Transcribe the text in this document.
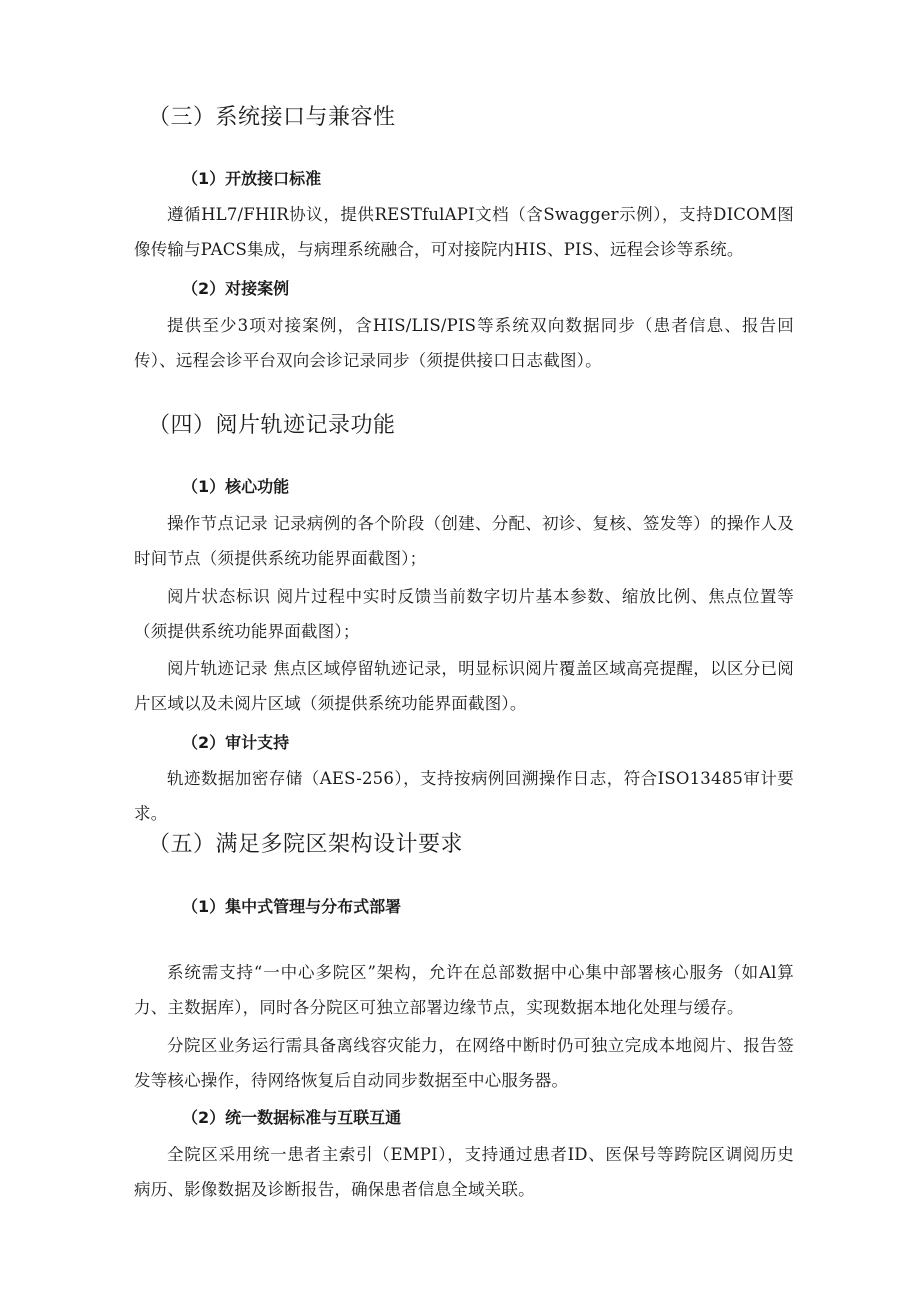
（三）系统接口与兼容性
（1）开放接口标准
遵循HL7/FHIR协议，提供RESTfulAPI文档（含Swagger示例），支持DICOM图像传输与PACS集成，与病理系统融合，可对接院内HIS、PIS、远程会诊等系统。
（2）对接案例
提供至少3项对接案例，含HIS/LIS/PIS等系统双向数据同步（患者信息、报告回传）、远程会诊平台双向会诊记录同步（须提供接口日志截图）。
（四）阅片轨迹记录功能
（1）核心功能
操作节点记录 记录病例的各个阶段（创建、分配、初诊、复核、签发等）的操作人及时间节点（须提供系统功能界面截图）；
阅片状态标识 阅片过程中实时反馈当前数字切片基本参数、缩放比例、焦点位置等（须提供系统功能界面截图）；
阅片轨迹记录 焦点区域停留轨迹记录，明显标识阅片覆盖区域高亮提醒，以区分已阅片区域以及未阅片区域（须提供系统功能界面截图）。
（2）审计支持
轨迹数据加密存储（AES-256），支持按病例回溯操作日志，符合ISO13485审计要求。
（五）满足多院区架构设计要求
（1）集中式管理与分布式部署
系统需支持“一中心多院区”架构，允许在总部数据中心集中部署核心服务（如Al算力、主数据库），同时各分院区可独立部署边缘节点，实现数据本地化处理与缓存。
分院区业务运行需具备离线容灾能力，在网络中断时仍可独立完成本地阅片、报告签发等核心操作，待网络恢复后自动同步数据至中心服务器。
（2）统一数据标准与互联互通
全院区采用统一患者主索引（EMPI），支持通过患者ID、医保号等跨院区调阅历史病历、影像数据及诊断报告，确保患者信息全域关联。
